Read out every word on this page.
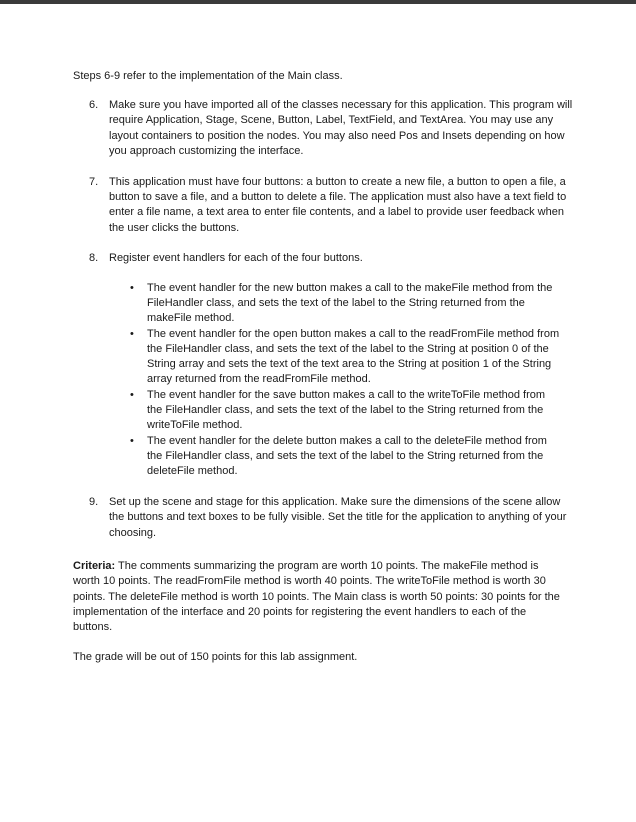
Steps 6-9 refer to the implementation of the Main class.
6. Make sure you have imported all of the classes necessary for this application. This program will require Application, Stage, Scene, Button, Label, TextField, and TextArea. You may use any layout containers to position the nodes. You may also need Pos and Insets depending on how you approach customizing the interface.
7. This application must have four buttons: a button to create a new file, a button to open a file, a button to save a file, and a button to delete a file. The application must also have a text field to enter a file name, a text area to enter file contents, and a label to provide user feedback when the user clicks the buttons.
8. Register event handlers for each of the four buttons.
• The event handler for the new button makes a call to the makeFile method from the FileHandler class, and sets the text of the label to the String returned from the makeFile method.
• The event handler for the open button makes a call to the readFromFile method from the FileHandler class, and sets the text of the label to the String at position 0 of the String array and sets the text of the text area to the String at position 1 of the String array returned from the readFromFile method.
• The event handler for the save button makes a call to the writeToFile method from the FileHandler class, and sets the text of the label to the String returned from the writeToFile method.
• The event handler for the delete button makes a call to the deleteFile method from the FileHandler class, and sets the text of the label to the String returned from the deleteFile method.
9. Set up the scene and stage for this application. Make sure the dimensions of the scene allow the buttons and text boxes to be fully visible. Set the title for the application to anything of your choosing.
Criteria: The comments summarizing the program are worth 10 points. The makeFile method is worth 10 points. The readFromFile method is worth 40 points. The writeToFile method is worth 30 points. The deleteFile method is worth 10 points. The Main class is worth 50 points: 30 points for the implementation of the interface and 20 points for registering the event handlers to each of the buttons.
The grade will be out of 150 points for this lab assignment.
